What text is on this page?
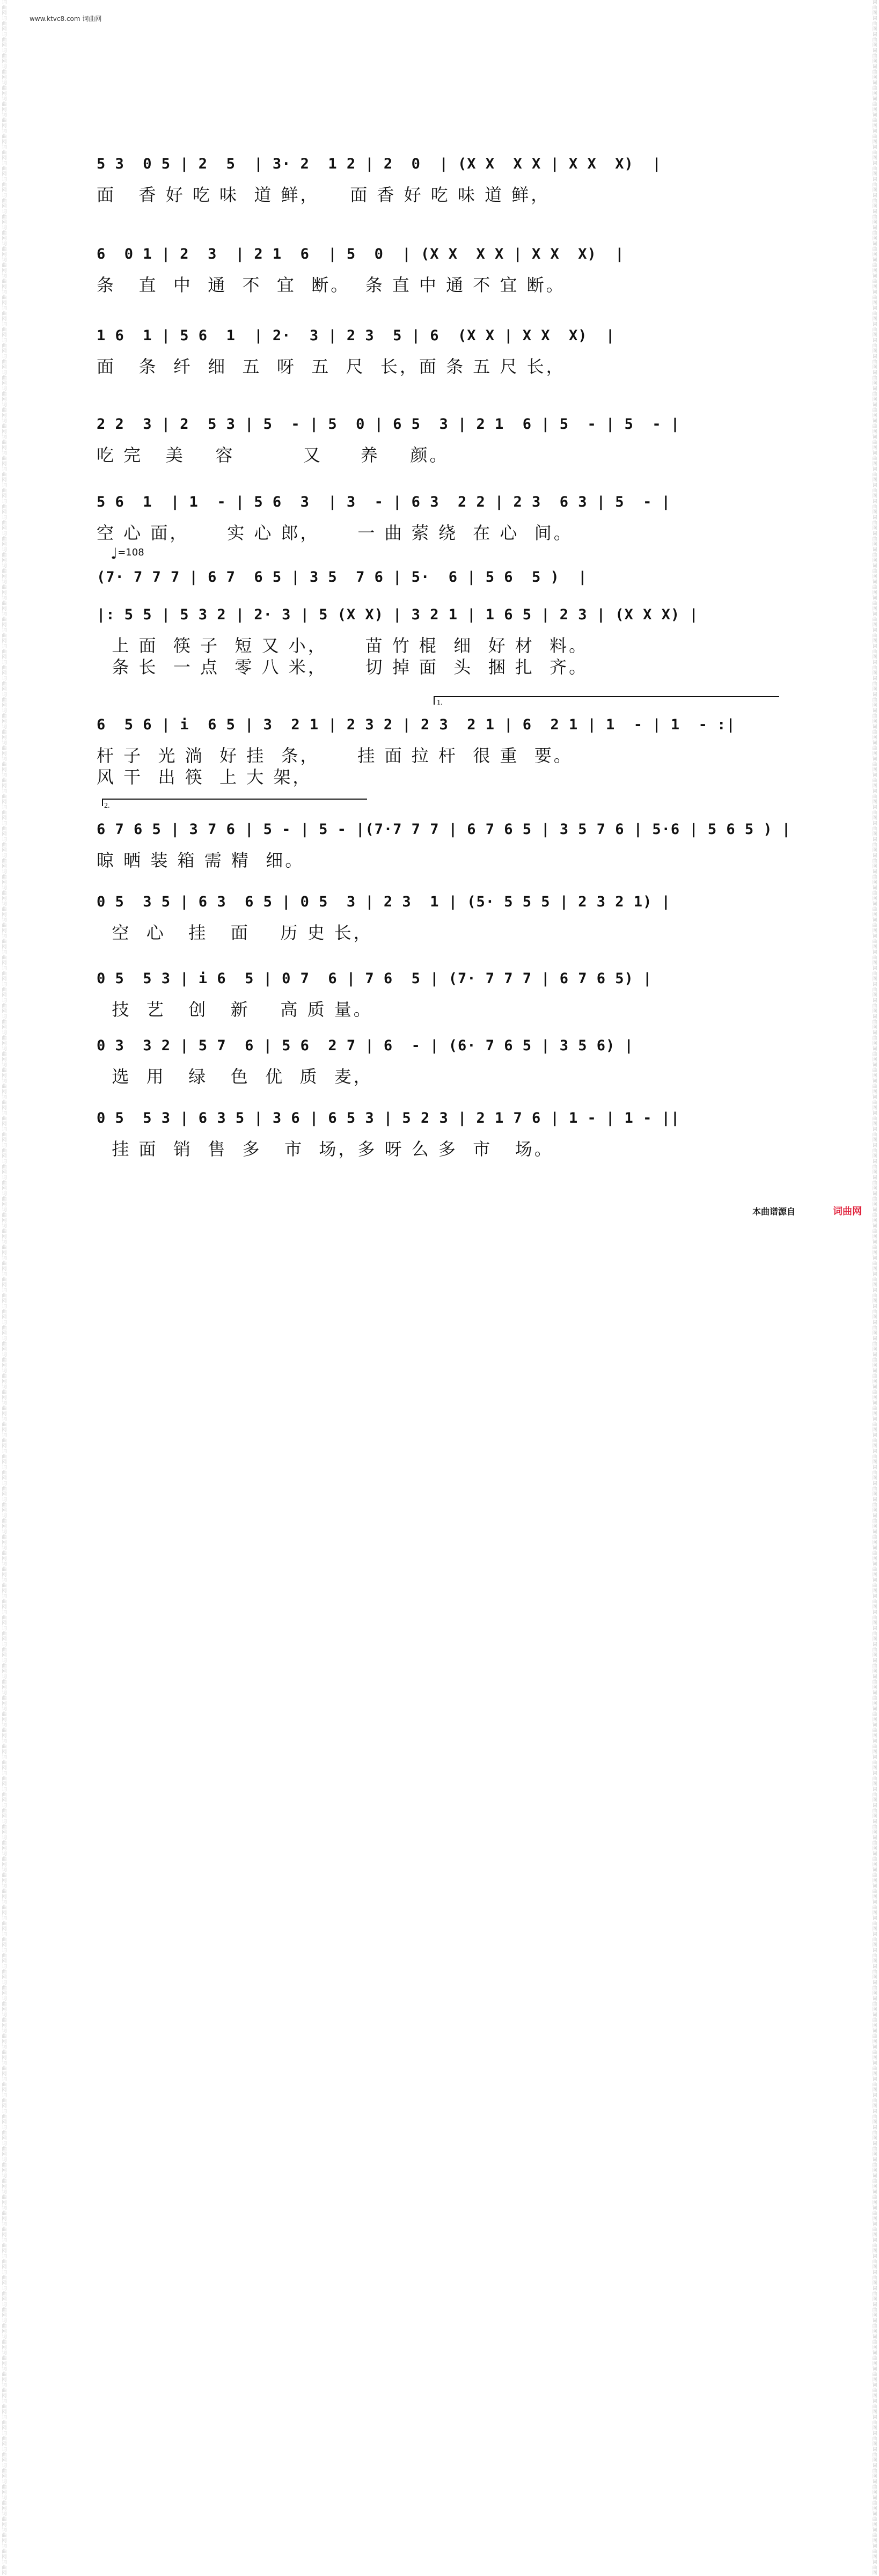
词曲网 词曲网 词曲网 词曲网 词曲网 词曲网 词曲网 词曲网 词曲网 词曲网 词曲网 词曲网 词曲网 词曲网 词曲网 词曲网 词曲网 词曲网 词曲网 词曲网 词曲网 词曲网 词曲网 词曲网 词曲网 词曲网 词曲网 词曲网 词曲网 词曲网 词曲网 词曲网 词曲网 词曲网 词曲网 词曲网 词曲网 词曲网 词曲网 词曲网 词曲网 词曲网 词曲网 词曲网 词曲网 词曲网 词曲网 词曲网 词曲网 词曲网 词曲网 词曲网 词曲网 词曲网 词曲网 词曲网 词曲网 词曲网 词曲网 词曲网 词曲网 词曲网 词曲网 词曲网 词曲网 词曲网 词曲网 词曲网 词曲网 词曲网 词曲网 词曲网 词曲网 词曲网 词曲网 词曲网 词曲网 词曲网 词曲网 词曲网 词曲网 词曲网 词曲网 词曲网 词曲网 词曲网 词曲网 词曲网 词曲网 词曲网 词曲网 词曲网 词曲网 词曲网 词曲网 词曲网 词曲网 词曲网 词曲网 词曲网 词曲网 词曲网 词曲网 词曲网 词曲网 词曲网 词曲网 词曲网 词曲网 词曲网 词曲网 词曲网 词曲网 词曲网 词曲网 词曲网 词曲网 词曲网 词曲网 词曲网 词曲网 词曲网 词曲网 词曲网 词曲网 词曲网 词曲网 词曲网 词曲网 词曲网 词曲网 词曲网 词曲网 词曲网 词曲网 词曲网 词曲网 词曲网 词曲网 词曲网 词曲网 词曲网 词曲网 词曲网 词曲网 词曲网 词曲网 词曲网 词曲网 词曲网 词曲网 词曲网 词曲网 词曲网 词曲网 词曲网 词曲网 词曲网 词曲网 词曲网
词曲网 词曲网 词曲网 词曲网 词曲网 词曲网 词曲网 词曲网 词曲网 词曲网 词曲网 词曲网 词曲网 词曲网 词曲网 词曲网 词曲网 词曲网 词曲网 词曲网 词曲网 词曲网 词曲网 词曲网 词曲网 词曲网 词曲网 词曲网 词曲网 词曲网 词曲网 词曲网 词曲网 词曲网 词曲网 词曲网 词曲网 词曲网 词曲网 词曲网 词曲网 词曲网 词曲网 词曲网 词曲网 词曲网 词曲网 词曲网 词曲网 词曲网 词曲网 词曲网 词曲网 词曲网 词曲网 词曲网 词曲网 词曲网 词曲网 词曲网 词曲网 词曲网 词曲网 词曲网 词曲网 词曲网 词曲网 词曲网 词曲网 词曲网 词曲网 词曲网 词曲网 词曲网 词曲网 词曲网 词曲网 词曲网 词曲网 词曲网 词曲网 词曲网 词曲网 词曲网 词曲网 词曲网 词曲网 词曲网 词曲网 词曲网 词曲网 词曲网 词曲网 词曲网 词曲网 词曲网 词曲网 词曲网 词曲网 词曲网 词曲网 词曲网 词曲网 词曲网 词曲网 词曲网 词曲网 词曲网 词曲网 词曲网 词曲网 词曲网 词曲网 词曲网 词曲网 词曲网 词曲网 词曲网 词曲网 词曲网 词曲网 词曲网 词曲网 词曲网 词曲网 词曲网 词曲网 词曲网 词曲网 词曲网 词曲网 词曲网 词曲网 词曲网 词曲网 词曲网 词曲网 词曲网 词曲网 词曲网 词曲网 词曲网 词曲网 词曲网 词曲网 词曲网 词曲网 词曲网 词曲网 词曲网 词曲网 词曲网 词曲网 词曲网 词曲网 词曲网 词曲网 词曲网 词曲网 词曲网
www.ktvc8.com 词曲网
5 3  0 5 | 2  5  | 3· 2  1 2 | 2  0  | (X X  X X | X X  X)  |
面   香 好 吃 味  道 鲜，    面 香 好 吃 味 道 鲜，
6  0 1 | 2  3  | 2 1  6  | 5  0  | (X X  X X | X X  X)  |
条   直  中  通  不  宜  断。  条 直 中 通 不 宜 断。
1 6  1 | 5 6  1  | 2·  3 | 2 3  5 | 6  (X X | X X  X)  |
面   条  纤  细  五  呀  五  尺  长，面 条 五 尺 长，
2 2  3 | 2  5 3 | 5  - | 5  0 | 6 5  3 | 2 1  6 | 5  - | 5  - |
吃 完   美    容         又     养    颜。
5 6  1  | 1  - | 5 6  3  | 3  - | 6 3  2 2 | 2 3  6 3 | 5  - |
空 心 面，     实 心 郎，     一 曲 萦 绕  在 心  间。
(7· 7 7 7 | 6 7  6 5 | 3 5  7 6 | 5·  6 | 5 6  5 )  |
|: 5 5 | 5 3 2 | 2· 3 | 5 (X X) | 3 2 1 | 1 6 5 | 2 3 | (X X X) |
上 面  筷 子  短 又 小，     苗 竹 棍  细  好 材  料。
条 长  一 点  零 八 米，     切 掉 面  头  捆 扎  齐。
6  5 6 | i  6 5 | 3  2 1 | 2 3 2 | 2 3  2 1 | 6  2 1 | 1  - | 1  - :|
杆 子  光 淌  好 挂  条，     挂 面 拉 杆  很 重  要。
风 干  出 筷  上 大 架，
6 7 6 5 | 3 7 6 | 5 - | 5 - |(7·7 7 7 | 6 7 6 5 | 3 5 7 6 | 5·6 | 5 6 5 ) |
晾 晒 装 箱 需 精  细。
0 5  3 5 | 6 3  6 5 | 0 5  3 | 2 3  1 | (5· 5 5 5 | 2 3 2 1) |
空  心   挂   面    历 史 长，
0 5  5 3 | i 6  5 | 0 7  6 | 7 6  5 | (7· 7 7 7 | 6 7 6 5) |
技  艺   创   新    高 质 量。
0 3  3 2 | 5 7  6 | 5 6  2 7 | 6  - | (6· 7 6 5 | 3 5 6) |
选  用   绿   色  优  质  麦，
0 5  5 3 | 6 3 5 | 3 6 | 6 5 3 | 5 2 3 | 2 1 7 6 | 1 - | 1 - ||
挂 面  销  售  多   市  场，多 呀 么 多  市   场。
♩=108
1.
2.
本曲谱源自	词曲网
